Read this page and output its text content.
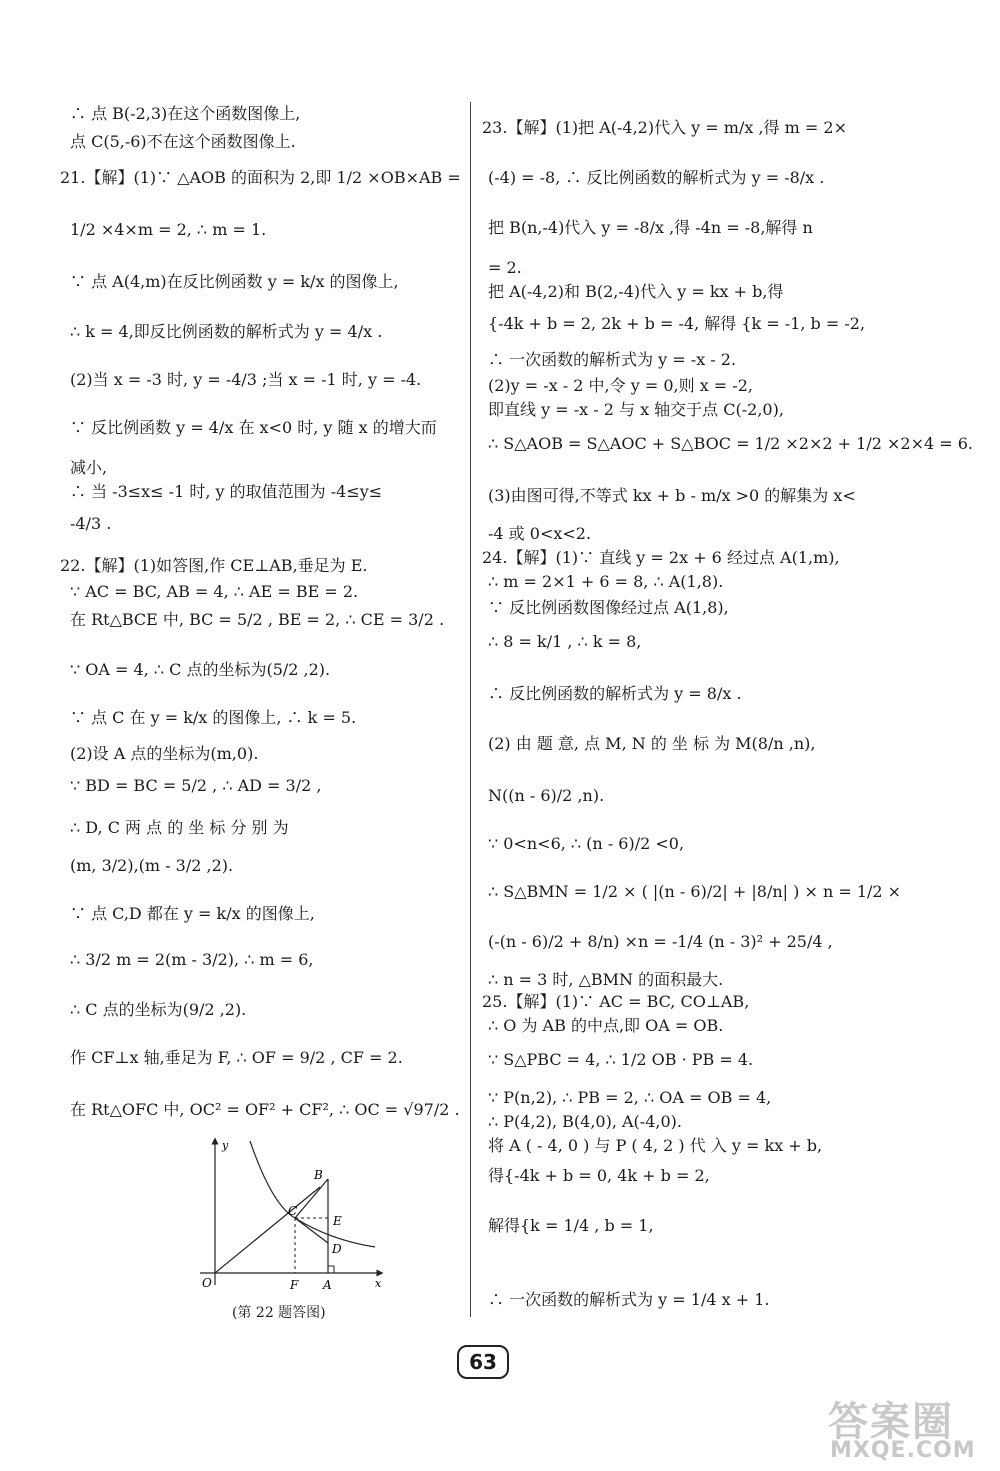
∴ 点 B(-2,3)在这个函数图像上,
点 C(5,-6)不在这个函数图像上.
21.【解】(1)∵ △AOB 的面积为 2,即 1/2 ×OB×AB =
1/2 ×4×m = 2, ∴ m = 1.
∵ 点 A(4,m)在反比例函数 y = k/x 的图像上,
∴ k = 4,即反比例函数的解析式为 y = 4/x .
(2)当 x = -3 时, y = -4/3 ;当 x = -1 时, y = -4.
∵ 反比例函数 y = 4/x 在 x<0 时, y 随 x 的增大而
减小,
∴ 当 -3≤x≤ -1 时, y 的取值范围为 -4≤y≤
-4/3 .
22.【解】(1)如答图,作 CE⊥AB,垂足为 E.
∵ AC = BC, AB = 4, ∴ AE = BE = 2.
在 Rt△BCE 中, BC = 5/2 , BE = 2, ∴ CE = 3/2 .
∵ OA = 4, ∴ C 点的坐标为(5/2 ,2).
∵ 点 C 在 y = k/x 的图像上, ∴ k = 5.
(2)设 A 点的坐标为(m,0).
∵ BD = BC = 5/2 , ∴ AD = 3/2 ,
∴ D, C 两 点 的 坐 标 分 别 为
(m, 3/2),(m - 3/2 ,2).
∵ 点 C,D 都在 y = k/x 的图像上,
∴ 3/2 m = 2(m - 3/2), ∴ m = 6,
∴ C 点的坐标为(9/2 ,2).
作 CF⊥x 轴,垂足为 F, ∴ OF = 9/2 , CF = 2.
在 Rt△OFC 中, OC² = OF² + CF², ∴ OC = √97/2 .
23.【解】(1)把 A(-4,2)代入 y = m/x ,得 m = 2×
(-4) = -8, ∴ 反比例函数的解析式为 y = -8/x .
把 B(n,-4)代入 y = -8/x ,得 -4n = -8,解得 n
= 2.
把 A(-4,2)和 B(2,-4)代入 y = kx + b,得
{-4k + b = 2, 2k + b = -4, 解得 {k = -1, b = -2,
∴ 一次函数的解析式为 y = -x - 2.
(2)y = -x - 2 中,令 y = 0,则 x = -2,
即直线 y = -x - 2 与 x 轴交于点 C(-2,0),
∴ S△AOB = S△AOC + S△BOC = 1/2 ×2×2 + 1/2 ×2×4 = 6.
(3)由图可得,不等式 kx + b - m/x >0 的解集为 x<
-4 或 0<x<2.
24.【解】(1)∵ 直线 y = 2x + 6 经过点 A(1,m),
∴ m = 2×1 + 6 = 8, ∴ A(1,8).
∵ 反比例函数图像经过点 A(1,8),
∴ 8 = k/1 , ∴ k = 8,
∴ 反比例函数的解析式为 y = 8/x .
(2) 由 题 意, 点 M, N 的 坐 标 为 M(8/n ,n),
N((n - 6)/2 ,n).
∵ 0<n<6, ∴ (n - 6)/2 <0,
∴ S△BMN = 1/2 × ( |(n - 6)/2| + |8/n| ) × n = 1/2 ×
(-(n - 6)/2 + 8/n) ×n = -1/4 (n - 3)² + 25/4 ,
∴ n = 3 时, △BMN 的面积最大.
25.【解】(1)∵ AC = BC, CO⊥AB,
∴ O 为 AB 的中点,即 OA = OB.
∵ S△PBC = 4, ∴ 1/2 OB · PB = 4.
∵ P(n,2), ∴ PB = 2, ∴ OA = OB = 4,
∴ P(4,2), B(4,0), A(-4,0).
将 A ( - 4, 0 ) 与 P ( 4, 2 ) 代 入 y = kx + b,
得{-4k + b = 0, 4k + b = 2,
解得{k = 1/4 , b = 1,
∴ 一次函数的解析式为 y = 1/4 x + 1.
y
x
O	F A
B
C
E
D
(第 22 题答图)
63
答案圈
MXQE.COM
